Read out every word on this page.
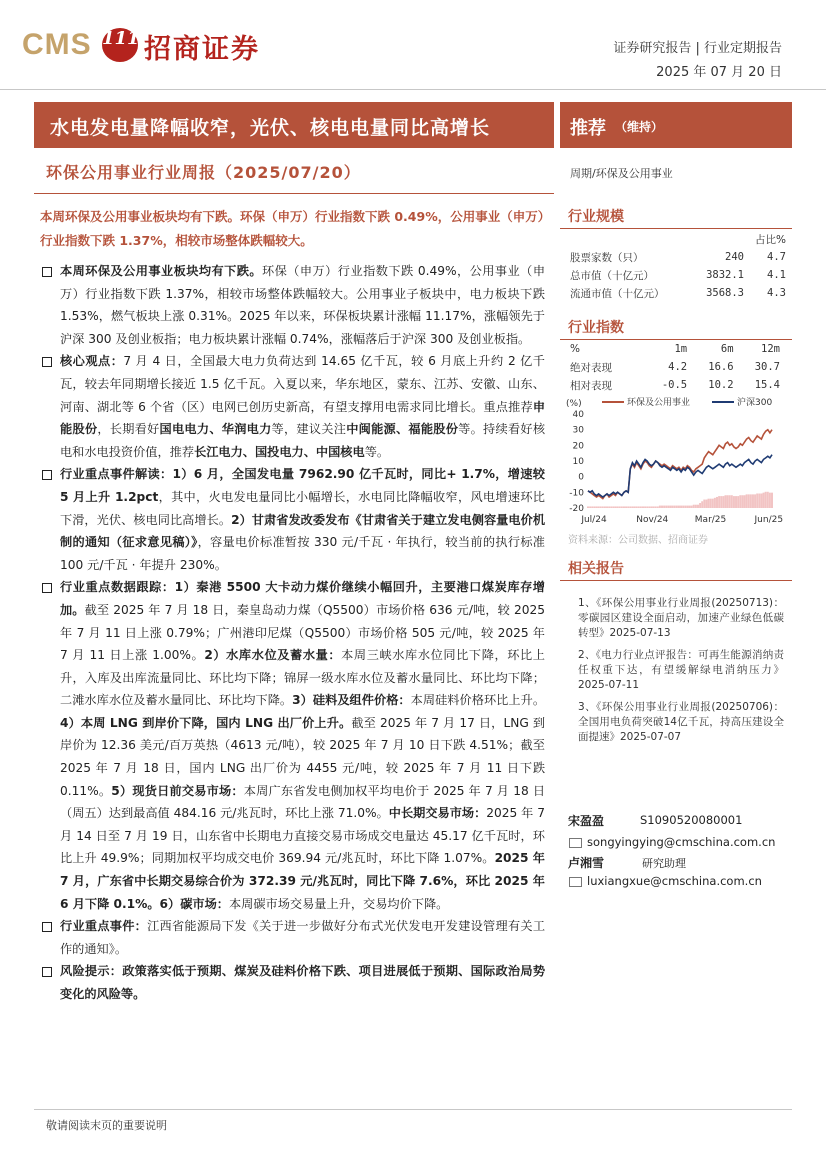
CMS 111 招商证券	证券研究报告 | 行业定期报告
2025 年 07 月 20 日
水电发电量降幅收窄，光伏、核电电量同比高增长	推荐 （维持）
环保公用事业行业周报（2025/07/20）	周期/环保及公用事业
本周环保及公用事业板块均有下跌。环保（申万）行业指数下跌 0.49%，公用事业（申万）行业指数下跌 1.37%，相较市场整体跌幅较大。
本周环保及公用事业板块均有下跌。环保（申万）行业指数下跌 0.49%，公用事业（申万）行业指数下跌 1.37%，相较市场整体跌幅较大。公用事业子板块中，电力板块下跌 1.53%，燃气板块上涨 0.31%。2025 年以来，环保板块累计涨幅 11.17%，涨幅领先于沪深 300 及创业板指；电力板块累计涨幅 0.74%，涨幅落后于沪深 300 及创业板指。
核心观点：7 月 4 日，全国最大电力负荷达到 14.65 亿千瓦，较 6 月底上升约 2 亿千瓦，较去年同期增长接近 1.5 亿千瓦。入夏以来，华东地区，蒙东、江苏、安徽、山东、河南、湖北等 6 个省（区）电网已创历史新高，有望支撑用电需求同比增长。重点推荐申能股份，长期看好国电电力、华润电力等，建议关注中闽能源、福能股份等。持续看好核电和水电投资价值，推荐长江电力、国投电力、中国核电等。
行业重点事件解读：1）6 月，全国发电量 7962.90 亿千瓦时，同比+ 1.7%，增速较 5 月上升 1.2pct，其中，火电发电量同比小幅增长，水电同比降幅收窄，风电增速环比下滑，光伏、核电同比高增长。2）甘肃省发改委发布《甘肃省关于建立发电侧容量电价机制的通知（征求意见稿）》，容量电价标准暂按 330 元/千瓦 · 年执行，较当前的执行标准 100 元/千瓦 · 年提升 230%。
行业重点数据跟踪：1）秦港 5500 大卡动力煤价继续小幅回升，主要港口煤炭库存增加。截至 2025 年 7 月 18 日，秦皇岛动力煤（Q5500）市场价格 636 元/吨，较 2025 年 7 月 11 日上涨 0.79%；广州港印尼煤（Q5500）市场价格 505 元/吨，较 2025 年 7 月 11 日上涨 1.00%。2）水库水位及蓄水量：本周三峡水库水位同比下降，环比上升，入库及出库流量同比、环比均下降；锦屏一级水库水位及蓄水量同比、环比均下降；二滩水库水位及蓄水量同比、环比均下降。3）硅料及组件价格：本周硅料价格环比上升。4）本周 LNG 到岸价下降，国内 LNG 出厂价上升。截至 2025 年 7 月 17 日，LNG 到岸价为 12.36 美元/百万英热（4613 元/吨），较 2025 年 7 月 10 日下跌 4.51%；截至 2025 年 7 月 18 日，国内 LNG 出厂价为 4455 元/吨，较 2025 年 7 月 11 日下跌 0.11%。5）现货日前交易市场：本周广东省发电侧加权平均电价于 2025 年 7 月 18 日（周五）达到最高值 484.16 元/兆瓦时，环比上涨 71.0%。中长期交易市场：2025 年 7 月 14 日至 7 月 19 日，山东省中长期电力直接交易市场成交电量达 45.17 亿千瓦时，环比上升 49.9%；同期加权平均成交电价 369.94 元/兆瓦时，环比下降 1.07%。2025 年 7 月，广东省中长期交易综合价为 372.39 元/兆瓦时，同比下降 7.6%，环比 2025 年 6 月下降 0.1%。6）碳市场：本周碳市场交易量上升，交易均价下降。
行业重点事件：江西省能源局下发《关于进一步做好分布式光伏发电开发建设管理有关工作的通知》。
风险提示：政策落实低于预期、煤炭及硅料价格下跌、项目进展低于预期、国际政治局势变化的风险等。
行业规模
		占比%
股票家数（只）	240	4.7
总市值（十亿元）	3832.1	4.1
流通市值（十亿元）	3568.3	4.3
行业指数
%	1m	6m	12m
绝对表现	4.2	16.6	30.7
相对表现	-0.5	10.2	15.4
(%)
40
30
20
10
0
-10
-20
Jul/24	Nov/24	Mar/25	Jun/25
环保及公用事业	沪深300
资料来源：公司数据、招商证券
相关报告
1、《环保公用事业行业周报(20250713)：零碳园区建设全面启动，加速产业绿色低碳转型》2025-07-13
2、《电力行业点评报告：可再生能源消纳责任权重下达，有望缓解绿电消纳压力》2025-07-11
3、《环保公用事业行业周报(20250706)：全国用电负荷突破14亿千瓦，持高压建设全面提速》2025-07-07
宋盈盈	S1090520080001
songyingying@cmschina.com.cn
卢湘雪	研究助理
luxiangxue@cmschina.com.cn
敬请阅读末页的重要说明
